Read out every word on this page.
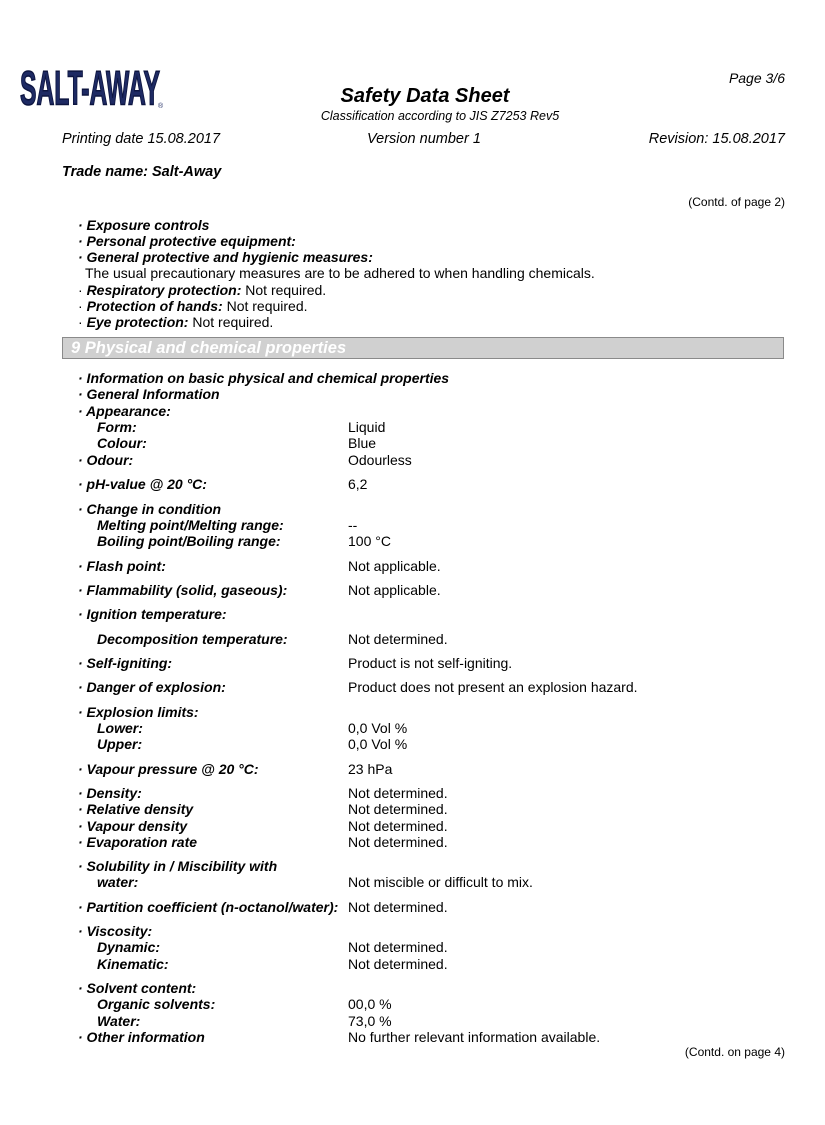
SALT-AWAY
®	Safety Data Sheet
Classification according to JIS Z7253 Rev5
Page 3/6
Printing date 15.08.2017	Version number 1	Revision: 15.08.2017
Trade name: Salt-Away
(Contd. of page 2)
· Exposure controls
· Personal protective equipment:
· General protective and hygienic measures:
The usual precautionary measures are to be adhered to when handling chemicals.
· Respiratory protection: Not required.
· Protection of hands: Not required.
· Eye protection: Not required.
9 Physical and chemical properties
· Information on basic physical and chemical properties
· General Information
· Appearance:
Form:	Liquid
Colour:	Blue
· Odour:	Odourless
· pH-value @ 20 °C:	6,2
· Change in condition
Melting point/Melting range:	--
Boiling point/Boiling range:	100 °C
· Flash point:	Not applicable.
· Flammability (solid, gaseous):	Not applicable.
· Ignition temperature:
Decomposition temperature:	Not determined.
· Self-igniting:	Product is not self-igniting.
· Danger of explosion:	Product does not present an explosion hazard.
· Explosion limits:
Lower:	0,0 Vol %
Upper:	0,0 Vol %
· Vapour pressure @ 20 °C:	23 hPa
· Density:	Not determined.
· Relative density	Not determined.
· Vapour density	Not determined.
· Evaporation rate	Not determined.
· Solubility in / Miscibility with
water:	Not miscible or difficult to mix.
· Partition coefficient (n-octanol/water): Not determined.
· Viscosity:
Dynamic:	Not determined.
Kinematic:	Not determined.
· Solvent content:
Organic solvents:	00,0 %
Water:	73,0 %
· Other information	No further relevant information available.
(Contd. on page 4)
